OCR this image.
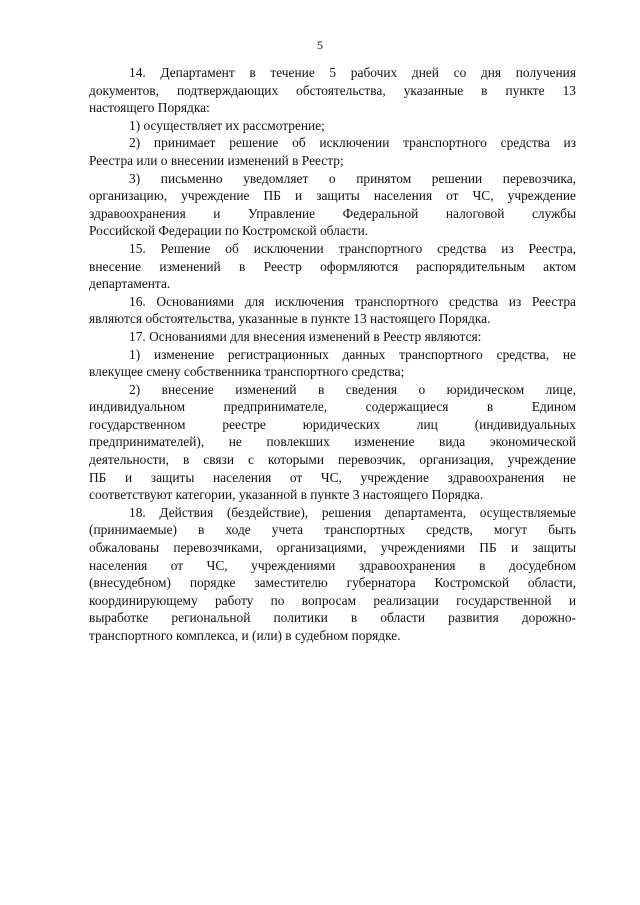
5
14. Департамент в течение 5 рабочих дней со дня получения
документов, подтверждающих обстоятельства, указанные в пункте 13
настоящего Порядка:
1) осуществляет их рассмотрение;
2) принимает решение об исключении транспортного средства из
Реестра или о внесении изменений в Реестр;
3) письменно уведомляет о принятом решении перевозчика,
организацию, учреждение ПБ и защиты населения от ЧС, учреждение
здравоохранения и Управление Федеральной налоговой службы
Российской Федерации по Костромской области.
15. Решение об исключении транспортного средства из Реестра,
внесение изменений в Реестр оформляются распорядительным актом
департамента.
16. Основаниями для исключения транспортного средства из Реестра
являются обстоятельства, указанные в пункте 13 настоящего Порядка.
17. Основаниями для внесения изменений в Реестр являются:
1) изменение регистрационных данных транспортного средства, не
влекущее смену собственника транспортного средства;
2) внесение изменений в сведения о юридическом лице,
индивидуальном предпринимателе, содержащиеся в Едином
государственном реестре юридических лиц (индивидуальных
предпринимателей), не повлекших изменение вида экономической
деятельности, в связи с которыми перевозчик, организация, учреждение
ПБ и защиты населения от ЧС, учреждение здравоохранения не
соответствуют категории, указанной в пункте 3 настоящего Порядка.
18. Действия (бездействие), решения департамента, осуществляемые
(принимаемые) в ходе учета транспортных средств, могут быть
обжалованы перевозчиками, организациями, учреждениями ПБ и защиты
населения от ЧС, учреждениями здравоохранения в досудебном
(внесудебном) порядке заместителю губернатора Костромской области,
координирующему работу по вопросам реализации государственной и
выработке региональной политики в области развития дорожно-
транспортного комплекса, и (или) в судебном порядке.
